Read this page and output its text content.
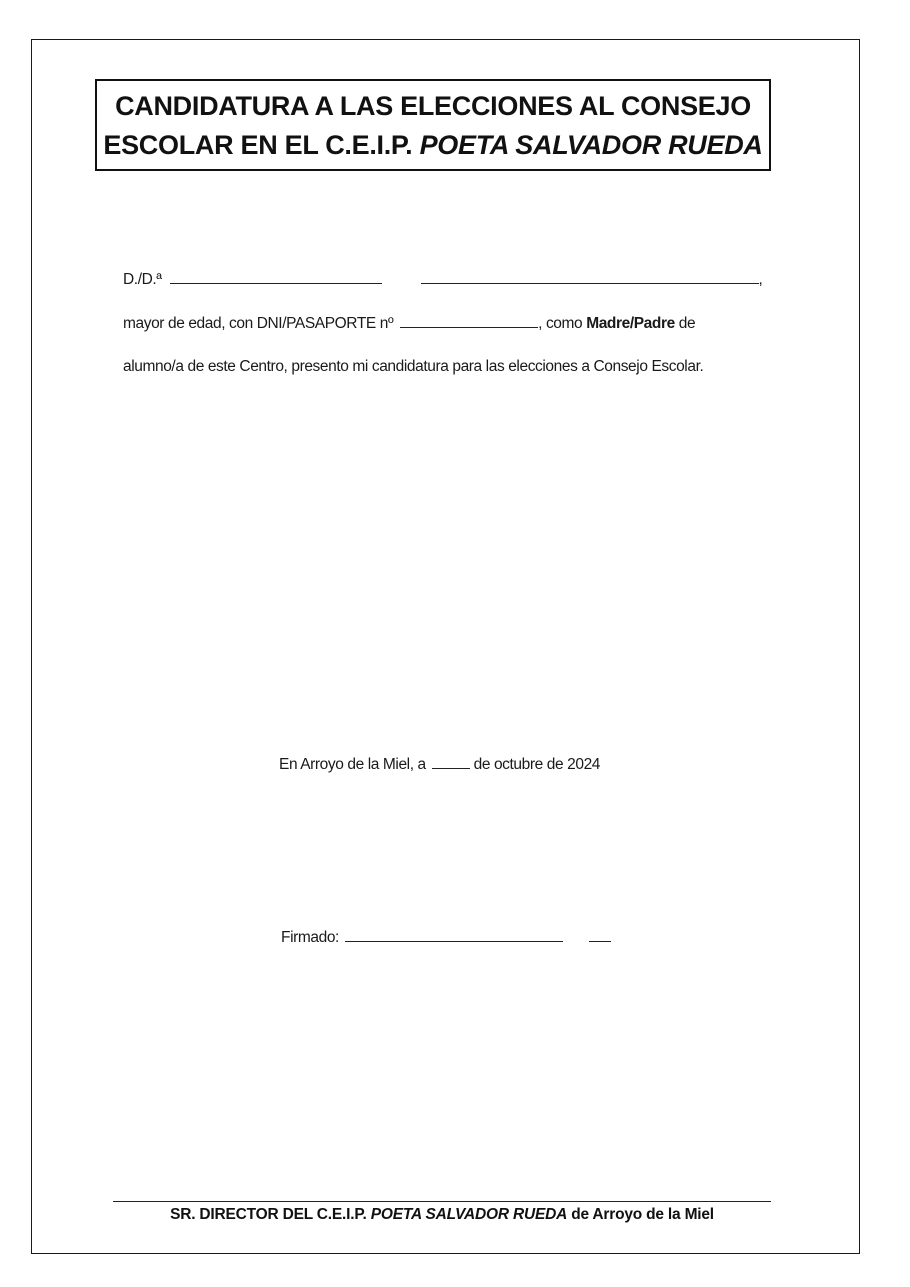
CANDIDATURA A LAS ELECCIONES AL CONSEJO
ESCOLAR EN EL C.E.I.P. POETA SALVADOR RUEDA
D./D.ª	,
mayor de edad, con DNI/PASAPORTE nº	, como Madre/Padre de
alumno/a de este Centro, presento mi candidatura para las elecciones a Consejo Escolar.
En Arroyo de la Miel, a	de octubre de 2024
Firmado:
SR. DIRECTOR DEL C.E.I.P. POETA SALVADOR RUEDA de Arroyo de la Miel
